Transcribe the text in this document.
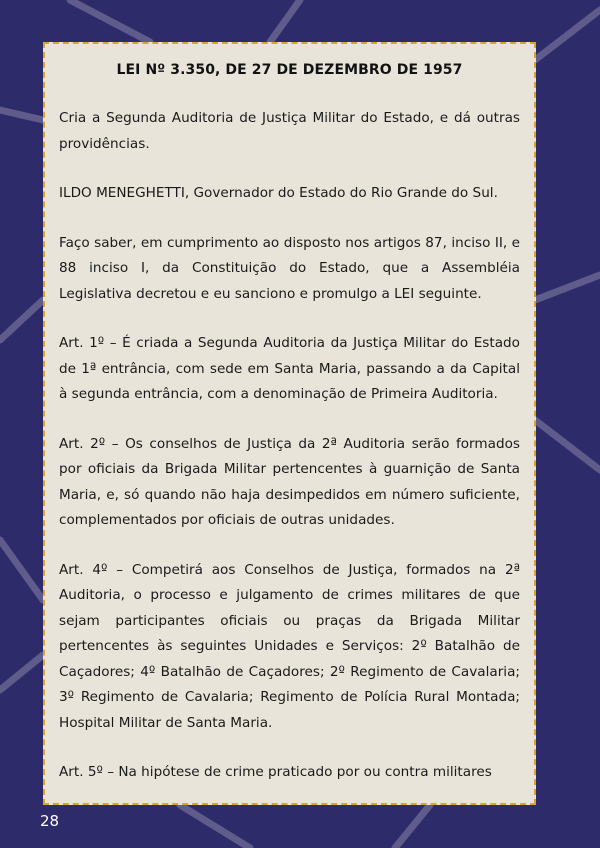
LEI Nº 3.350, DE 27 DE DEZEMBRO DE 1957

Cria a Segunda Auditoria de Justiça Militar do Estado, e dá outras providências.

ILDO MENEGHETTI, Governador do Estado do Rio Grande do Sul.

Faço saber, em cumprimento ao disposto nos artigos 87, inciso II, e 88 inciso I, da Constituição do Estado, que a Assembléia Legislativa decretou e eu sanciono e promulgo a LEI seguinte.

Art. 1º – É criada a Segunda Auditoria da Justiça Militar do Estado de 1ª entrância, com sede em Santa Maria, passando a da Capital à segunda entrância, com a denominação de Primeira Auditoria.

Art. 2º – Os conselhos de Justiça da 2ª Auditoria serão formados por oficiais da Brigada Militar pertencentes à guarnição de Santa Maria, e, só quando não haja desimpedidos em número suficiente, complementados por oficiais de outras unidades.

Art. 4º – Competirá aos Conselhos de Justiça, formados na 2ª Auditoria, o processo e julgamento de crimes militares de que sejam participantes oficiais ou praças da Brigada Militar pertencentes às seguintes Unidades e Serviços: 2º Batalhão de Caçadores; 4º Batalhão de Caçadores; 2º Regimento de Cavalaria; 3º Regimento de Cavalaria; Regimento de Polícia Rural Montada; Hospital Militar de Santa Maria.

Art. 5º – Na hipótese de crime praticado por ou contra militares

28
